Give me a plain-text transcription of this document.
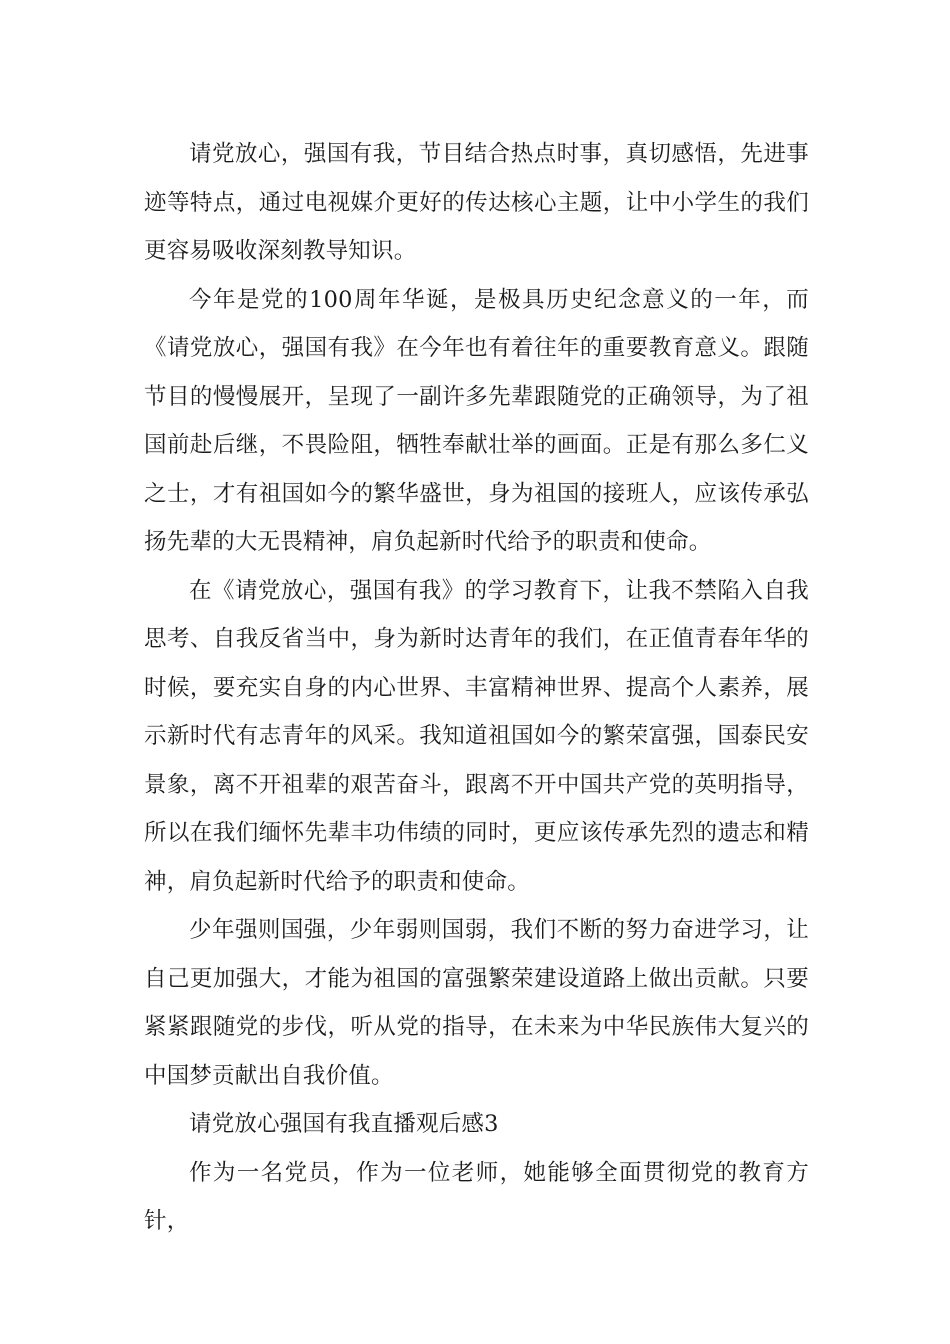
请党放心，强国有我，节目结合热点时事，真切感悟，先进事迹等特点，通过电视媒介更好的传达核心主题，让中小学生的我们更容易吸收深刻教导知识。

今年是党的100周年华诞，是极具历史纪念意义的一年，而《请党放心，强国有我》在今年也有着往年的重要教育意义。跟随节目的慢慢展开，呈现了一副许多先辈跟随党的正确领导，为了祖国前赴后继，不畏险阻，牺牲奉献壮举的画面。正是有那么多仁义之士，才有祖国如今的繁华盛世，身为祖国的接班人，应该传承弘扬先辈的大无畏精神，肩负起新时代给予的职责和使命。

在《请党放心，强国有我》的学习教育下，让我不禁陷入自我思考、自我反省当中，身为新时达青年的我们，在正值青春年华的时候，要充实自身的内心世界、丰富精神世界、提高个人素养，展示新时代有志青年的风采。我知道祖国如今的繁荣富强，国泰民安景象，离不开祖辈的艰苦奋斗，跟离不开中国共产党的英明指导，所以在我们缅怀先辈丰功伟绩的同时，更应该传承先烈的遗志和精神，肩负起新时代给予的职责和使命。

少年强则国强，少年弱则国弱，我们不断的努力奋进学习，让自己更加强大，才能为祖国的富强繁荣建设道路上做出贡献。只要紧紧跟随党的步伐，听从党的指导，在未来为中华民族伟大复兴的中国梦贡献出自我价值。

请党放心强国有我直播观后感3

作为一名党员，作为一位老师，她能够全面贯彻党的教育方针，
